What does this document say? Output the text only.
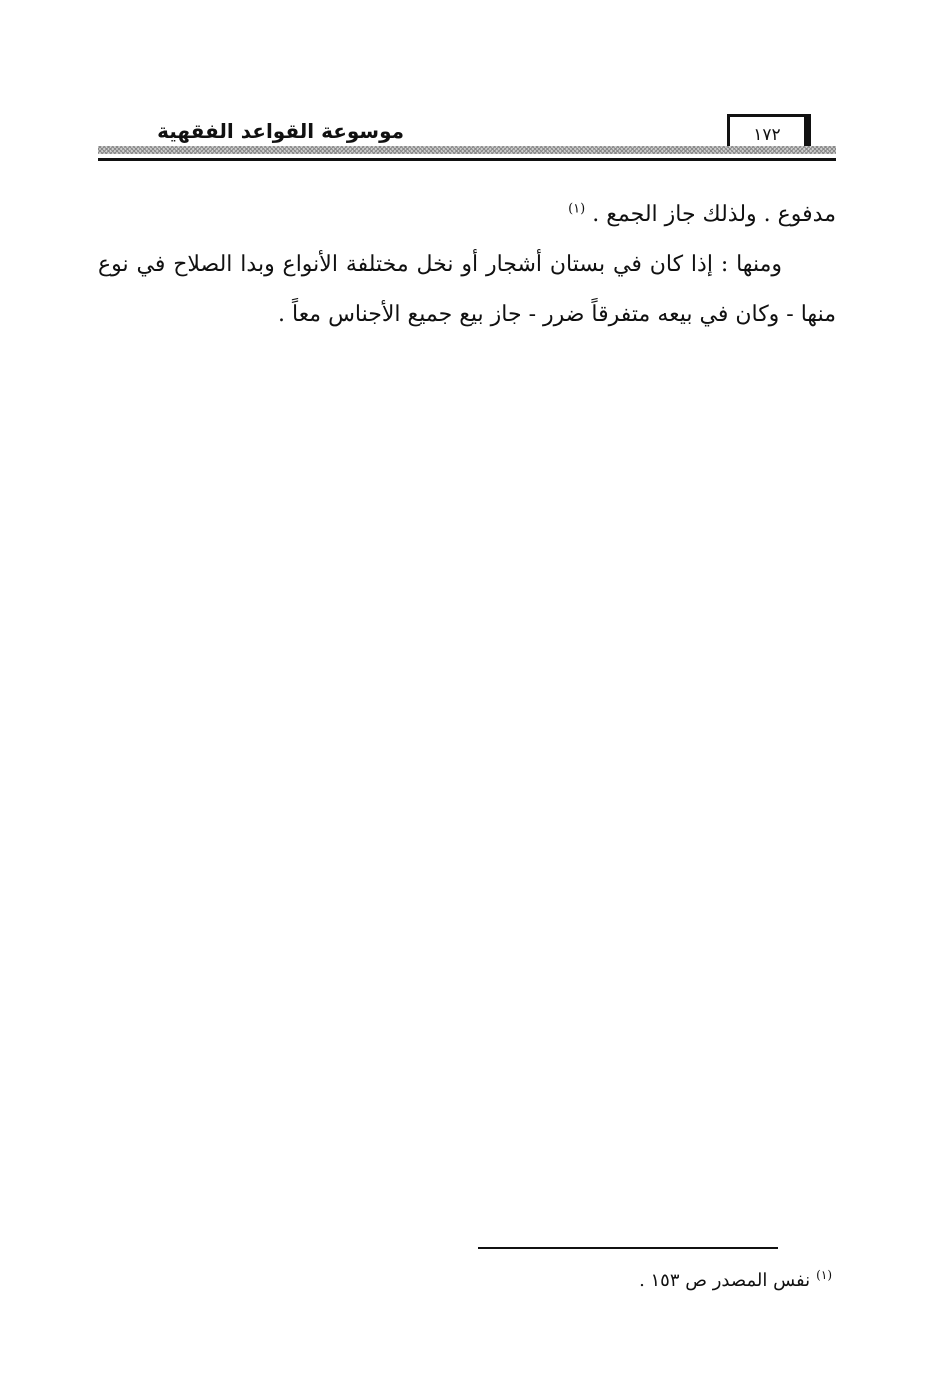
موسوعة القواعد الفقهية	١٧٢

مدفوع . ولذلك جاز الجمع . $^{(١)}$

ومنها : إذا كان في بستان أشجار أو نخل مختلفة الأنواع وبدا الصلاح في نوع منها - وكان في بيعه متفرقاً ضرر - جاز بيع جميع الأجناس معاً .

$^{(١)}$نفس المصدر ص ١٥٣ .
